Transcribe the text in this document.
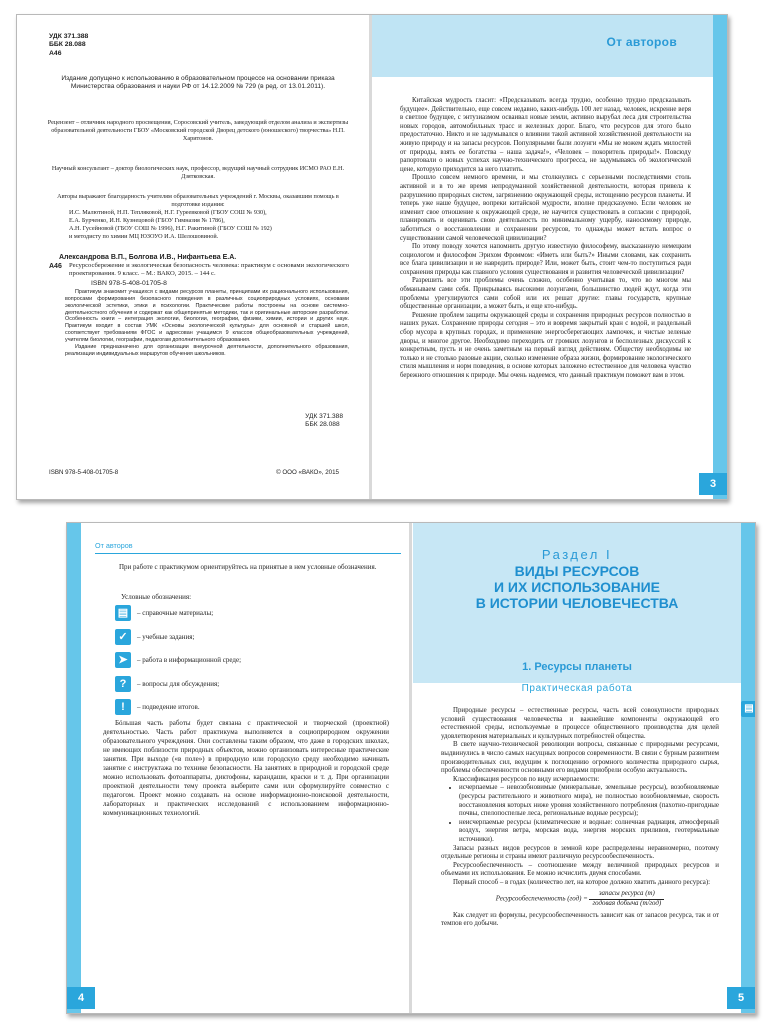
УДК 371.388
ББК 28.088
А46
Издание допущено к использованию в образовательном процессе на основании приказа Министерства образования и науки РФ от 14.12.2009 № 729 (в ред. от 13.01.2011).
Рецензент – отличник народного просвещения, Соросовский учитель, заведующий отделом анализа и экспертизы образовательной деятельности ГБОУ «Московский городской Дворец детского (юношеского) творчества» Н.П. Харитонов.
Научный консультант – доктор биологических наук, профессор, ведущий научный сотрудник ИСМО РАО Е.Н. Дзятковская.
Авторы выражают благодарность учителям образовательных учреждений г. Москвы, оказавшим помощь в подготовке издания:
И.С. Малютиной, Н.П. Тепляковой, Н.Г. Гуреевковой (ГБОУ СОШ № 930),
Е.А. Бурченко, И.Н. Кузнецовой (ГБОУ Гимназия № 1786),
А.Н. Гусейновой (ГБОУ СОШ № 1996), Н.Г. Ракитиной (ГБОУ СОШ № 192)
и методисту по химии МЦ ЮЗОУО И.А. Шелошовиной.
Александрова В.П., Болгова И.В., Нифантьева Е.А.
А46	Ресурсосбережение и экологическая безопасность человека: практикум с основами экологического проектирования. 9 класс. – М.: ВАКО, 2015. – 144 с.
ISBN 978-5-408-01705-8

Практикум знакомит учащихся с видами ресурсов планеты, принципами их рационального использования, вопросами формирования безопасного поведения в различных социоприродных условиях, основами экологической эстетики, этики и психологии. Практические работы построены на основе системно-деятельностного обучения и содержат как общепринятые методики, так и оригинальные авторские разработки. Особенность книги – интеграция экологии, биологии, географии, физики, химии, истории и других наук. Практикум входит в состав УМК «Основы экологической культуры» для основной и старшей школ, соответствует требованиям ФГОС и адресован учащимся 9 классов общеобразовательных учреждений, учителям биологии, географии, педагогам дополнительного образования.

Издание предназначено для организации внеурочной деятельности, дополнительного образования, реализации индивидуальных маршрутов обучения школьников.

УДК 371.388
ББК 28.088
ISBN 978-5-408-01705-8	© ООО «ВАКО», 2015
От авторов

Китайская мудрость гласит: «Предсказывать всегда трудно, особенно трудно предсказывать будущее». Действительно, еще совсем недавно, каких-нибудь 100 лет назад, человек, искренне веря в светлое будущее, с энтузиазмом осваивал новые земли, активно вырубал леса для строительства новых городов, автомобильных трасс и железных дорог. Благо, что ресурсов для этого было предостаточно. Никто и не задумывался о влиянии такой активной хозяйственной деятельности на живую природу и на запасы ресурсов. Популярными были лозунги «Мы не можем ждать милостей от природы, взять ее богатства – наша задача!», «Человек – покоритель природы!». Повсюду рапортовали о новых успехах научно-технического прогресса, не задумываясь об экологической цене, которую приходится за него платить.

Прошло совсем немного времени, и мы столкнулись с серьезными последствиями столь активной и в то же время непродуманной хозяйственной деятельности, которая привела к разрушению природных систем, загрязнению окружающей среды, истощению ресурсов планеты. И теперь уже наше будущее, вопреки китайской мудрости, вполне предсказуемо. Если человек не изменит свое отношение к окружающей среде, не научится существовать в согласии с природой, планировать и оценивать свою деятельность по минимальному ущербу, наносимому природе, заботиться о восстановлении и сохранении ресурсов, то однажды может встать вопрос о существовании самой человеческой цивилизации?

По этому поводу хочется напомнить другую известную философему, высказанную немецким социологом и философом Эрихом Фроммом: «Иметь или быть?» Иными словами, как сохранить все блага цивилизации и не навредить природе? Или, может быть, стоит чем-то поступиться ради сохранения природы как главного условия существования и развития человеческой цивилизации?

Разрешить все эти проблемы очень сложно, особенно учитывая то, что во многом мы обманываем сами себя. Прикрываясь высокими лозунгами, большинство людей ждут, когда эти проблемы урегулируются сами собой или их решат другие: главы государств, крупные общественные организации, а может быть, и еще кто-нибудь.

Решение проблем защиты окружающей среды и сохранения природных ресурсов полностью в наших руках. Сохранение природы сегодня – это и вовремя закрытый кран с водой, и раздельный сбор мусора в крупных городах, и применение энергосберегающих лампочек, и чистые зеленые дворы, и многое другое. Необходимо переходить от громких лозунгов и бесполезных дискуссий к конкретным, пусть и не очень заметным на первый взгляд действиям. Обществу необходимы не только и не столько разовые акции, сколько изменение образа жизни, формирование экологического стиля мышления и норм поведения, в основе которых заложено естественное для человека чувство бережного отношения к природе. Мы очень надеемся, что данный практикум поможет вам в этом.

3
От авторов
При работе с практикумом ориентируйтесь на принятые в нем условные обозначения.
Условные обозначения:
▤	– справочные материалы;
✓	– учебные задания;
➤	– работа в информационной среде;
?	– вопросы для обсуждения;
!	– подведение итогов.

Бóльшая часть работы будет связана с практической и творческой (проектной) деятельностью. Часть работ практикума выполняется в социоприродном окружении образовательного учреждения. Они составлены таким образом, что даже в городских школах, не имеющих поблизости природных объектов, можно организовать интересные практические занятия. При выходе («в поле») в природную или городскую среду необходимо начинать занятие с инструктажа по технике безопасности. На занятиях в природной и городской среде можно использовать фотоаппараты, диктофоны, карандаши, краски и т. д. При организации проектной деятельности тему проекта выберите сами или сформулируйте совместно с педагогом. Проект можно создавать на основе информационно-поисковой деятельности, лабораторных и практических исследований с использованием информационно-коммуникационных технологий.

4
Раздел I
ВИДЫ РЕСУРСОВ
И ИХ ИСПОЛЬЗОВАНИЕ
В ИСТОРИИ ЧЕЛОВЕЧЕСТВА
1. Ресурсы планеты
Практическая работа
▤

Природные ресурсы – естественные ресурсы, часть всей совокупности природных условий существования человечества и важнейшие компоненты окружающей его естественной среды, используемые в процессе общественного производства для целей удовлетворения материальных и культурных потребностей общества.

В свете научно-технической революции вопросы, связанные с природными ресурсами, выдвинулись в число самых насущных вопросов современности. В связи с бурным развитием производительных сил, ведущим к поглощению огромного количества природного сырья, проблемы обеспеченности основными его видами приобрели особую актуальность.

Классификация ресурсов по виду исчерпаемости:

• исчерпаемые – невозобновимые (минеральные, земельные ресурсы), возобновляемые (ресурсы растительного и животного мира), не полностью возобновляемые, скорость восстановления которых ниже уровня хозяйственного потребления (пахотно-пригодные почвы, спелопоспелые леса, региональные водные ресурсы);
• неисчерпаемые ресурсы (климатические и водные: солнечная радиация, атмосферный воздух, энергия ветра, морская вода, энергия морских приливов, геотермальные источники).

Запасы разных видов ресурсов в земной коре распределены неравномерно, поэтому отдельные регионы и страны имеют различную ресурсообеспеченность.

Ресурсообеспеченность – соотношение между величиной природных ресурсов и объемами их использования. Ее можно исчислить двумя способами.

Первый способ – в годах (количество лет, на которое должно хватить данного ресурса):

Ресурсообеспеченность $(год) = \frac{\text{запасы ресурса (т)}}{\text{годовая добыча (т/год)}}$

Как следует из формулы, ресурсообеспеченность зависит как от запасов ресурса, так и от темпов его добычи.

5
